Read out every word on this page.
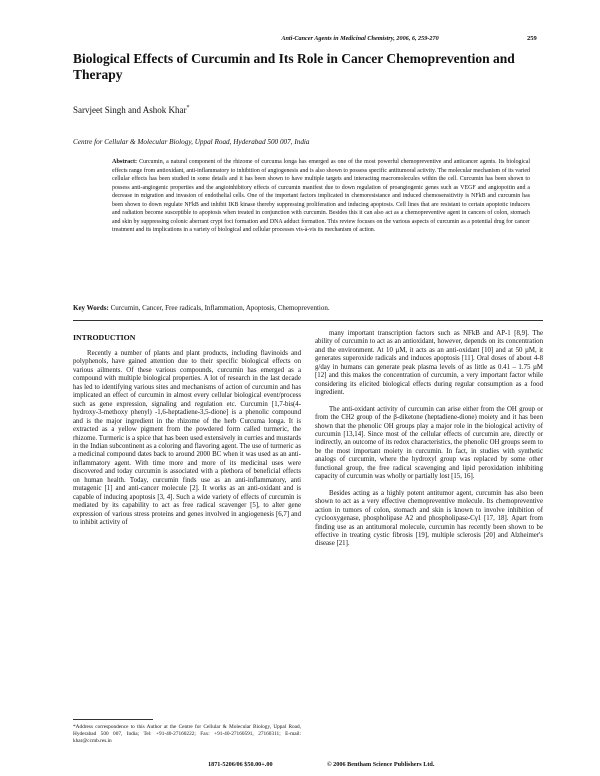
Anti-Cancer Agents in Medicinal Chemistry, 2006, 6, 259-270	259
Biological Effects of Curcumin and Its Role in Cancer Chemoprevention and Therapy
Sarvjeet Singh and Ashok Khar*
Centre for Cellular & Molecular Biology, Uppal Road, Hyderabad 500 007, India
Abstract: Curcumin, a natural component of the rhizome of curcuma longa has emerged as one of the most powerful chemopreventive and anticancer agents. Its biological effects range from antioxidant, anti-inflammatory to inhibition of angiogenesis and is also shown to possess specific antitumoral activity. The molecular mechanism of its varied cellular effects has been studied in some details and it has been shown to have multiple targets and interacting macromolecules within the cell. Curcumin has been shown to possess anti-angiogenic properties and the angioinhibitory effects of curcumin manifest due to down regulation of proangiogenic genes such as VEGF and angiopoitin and a decrease in migration and invasion of endothelial cells. One of the important factors implicated in chemoresistance and induced chemosensitivity is NFkB and curcumin has been shown to down regulate NFkB and inhibit IKB kinase thereby suppressing proliferation and inducing apoptosis. Cell lines that are resistant to certain apoptotic inducers and radiation become susceptible to apoptosis when treated in conjunction with curcumin. Besides this it can also act as a chemopreventive agent in cancers of colon, stomach and skin by suppressing colonic aberrant crypt foci formation and DNA adduct formation. This review focuses on the various aspects of curcumin as a potential drug for cancer treatment and its implications in a variety of biological and cellular processes vis-à-vis its mechanism of action.
Key Words: Curcumin, Cancer, Free radicals, Inflammation, Apoptosis, Chemoprevention.
INTRODUCTION

Recently a number of plants and plant products, including flavinoids and polyphenols, have gained attention due to their specific biological effects on various ailments. Of these various compounds, curcumin has emerged as a compound with multiple biological properties. A lot of research in the last decade has led to identifying various sites and mechanisms of action of curcumin and has implicated an effect of curcumin in almost every cellular biological event/process such as gene expression, signaling and regulation etc. Curcumin [1,7-bis(4-hydroxy-3-methoxy phenyl) -1,6-heptadiene-3,5-dione] is a phenolic compound and is the major ingredient in the rhizome of the herb Curcuma longa. It is extracted as a yellow pigment from the powdered form called turmeric, the rhizome. Turmeric is a spice that has been used extensively in curries and mustards in the Indian subcontinent as a coloring and flavoring agent. The use of turmeric as a medicinal compound dates back to around 2000 BC when it was used as an anti-inflammatory agent. With time more and more of its medicinal uses were discovered and today curcumin is associated with a plethora of beneficial effects on human health. Today, curcumin finds use as an anti-inflammatory, anti mutagenic [1] and anti-cancer molecule [2]. It works as an anti-oxidant and is capable of inducing apoptosis [3, 4]. Such a wide variety of effects of curcumin is mediated by its capability to act as free radical scavenger [5], to alter gene expression of various stress proteins and genes involved in angiogenesis [6,7] and to inhibit activity of

many important transcription factors such as NFkB and AP-1 [8,9]. The ability of curcumin to act as an antioxidant, however, depends on its concentration and the environment. At 10 µM, it acts as an anti-oxidant [10] and at 50 µM, it generates superoxide radicals and induces apoptosis [11]. Oral doses of about 4-8 g/day in humans can generate peak plasma levels of as little as 0.41 – 1.75 µM [12] and this makes the concentration of curcumin, a very important factor while considering its elicited biological effects during regular consumption as a food ingredient.

The anti-oxidant activity of curcumin can arise either from the OH group or from the CH2 group of the β-diketone (heptadiene-dione) moiety and it has been shown that the phenolic OH groups play a major role in the biological activity of curcumin [13,14]. Since most of the cellular effects of curcumin are, directly or indirectly, an outcome of its redox characteristics, the phenolic OH groups seem to be the most important moiety in curcumin. In fact, in studies with synthetic analogs of curcumin, where the hydroxyl group was replaced by some other functional group, the free radical scavenging and lipid peroxidation inhibiting capacity of curcumin was wholly or partially lost [15, 16].

Besides acting as a highly potent antitumor agent, curcumin has also been shown to act as a very effective chemopreventive molecule. Its chemopreventive action in tumors of colon, stomach and skin is known to involve inhibition of cyclooxygenase, phospholipase A2 and phospholipase-Cγ1 [17, 18]. Apart from finding use as an antitumoral molecule, curcumin has recently been shown to be effective in treating cystic fibrosis [19], multiple sclerosis [20] and Alzheimer's disease [21].

*Address correspondence to this Author at the Centre for Cellular & Molecular Biology, Uppal Road, Hyderabad 500 007, India; Tel: +91-40-27160222; Fax: +91-40-27160591, 27160311; E-mail: khar@ccmb.res.in
1871-5206/06 $50.00+.00	© 2006 Bentham Science Publishers Ltd.
